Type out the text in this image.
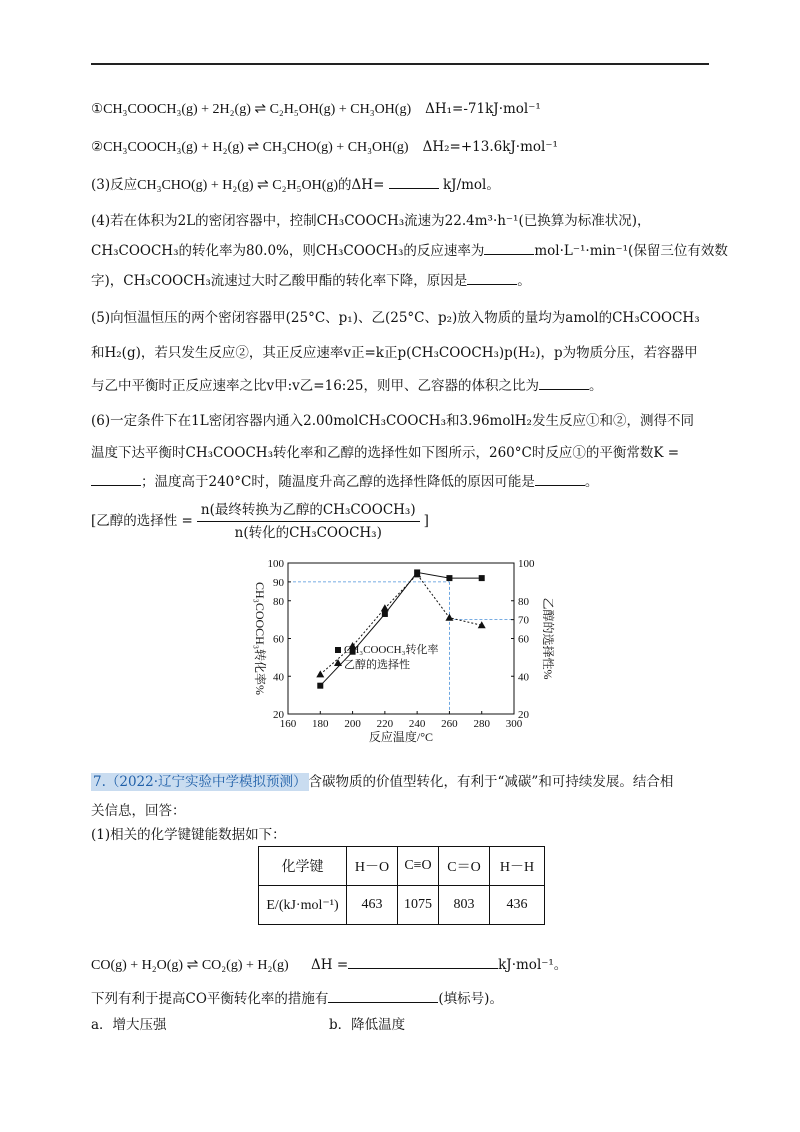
①CH₃COOCH₃(g) + 2H₂(g) ⇌ C₂H₅OH(g) + CH₃OH(g) ΔH₁=-71kJ·mol⁻¹
②CH₃COOCH₃(g) + H₂(g) ⇌ CH₃CHO(g) + CH₃OH(g) ΔH₂=+13.6kJ·mol⁻¹
(3)反应CH₃CHO(g) + H₂(g) ⇌ C₂H₅OH(g)的ΔH=	kJ/mol。
(4)若在体积为2L的密闭容器中，控制CH₃COOCH₃流速为22.4m³·h⁻¹(已换算为标准状况)，
CH₃COOCH₃的转化率为80.0%，则CH₃COOCH₃的反应速率为	mol·L⁻¹·min⁻¹(保留三位有效数
字)，CH₃COOCH₃流速过大时乙酸甲酯的转化率下降，原因是	。
(5)向恒温恒压的两个密闭容器甲(25°C、p₁)、乙(25°C、p₂)放入物质的量均为amol的CH₃COOCH₃
和H₂(g)，若只发生反应②，其正反应速率v正=k正p(CH₃COOCH₃)p(H₂)，p为物质分压，若容器甲
与乙中平衡时正反应速率之比v甲:v乙=16:25，则甲、乙容器的体积之比为	。
(6)一定条件下在1L密闭容器内通入2.00molCH₃COOCH₃和3.96molH₂发生反应①和②，测得不同
温度下达平衡时CH₃COOCH₃转化率和乙醇的选择性如下图所示，260°C时反应①的平衡常数K =
；温度高于240°C时，随温度升高乙醇的选择性降低的原因可能是	。
[乙醇的选择性 = $\frac{\text{n(最终转换为乙醇的CH₃COOCH₃)}}{\text{n(转化的CH₃COOCH₃)}}$ ]
160 180 200 220 240 260 280 300
20
40
60
80
90
100
20
40
60
70
80
100
CH₃COOCH₃转化率
乙醇的选择性
反应温度/°C
CH₃COOCH₃转化率%	乙醇的选择性%
7.（2022·辽宁实验中学模拟预测） 含碳物质的价值型转化，有利于“减碳”和可持续发展。结合相
关信息，回答：
(1)相关的化学键键能数据如下：
化学键	H－O	C≡O	C＝O	H－H
E/(kJ·mol⁻¹)	463	1075	803	436
CO(g) + H₂O(g) ⇌ CO₂(g) + H₂(g) ΔH =	kJ·mol⁻¹。
下列有利于提高CO平衡转化率的措施有	(填标号)。
a．增大压强	b．降低温度
